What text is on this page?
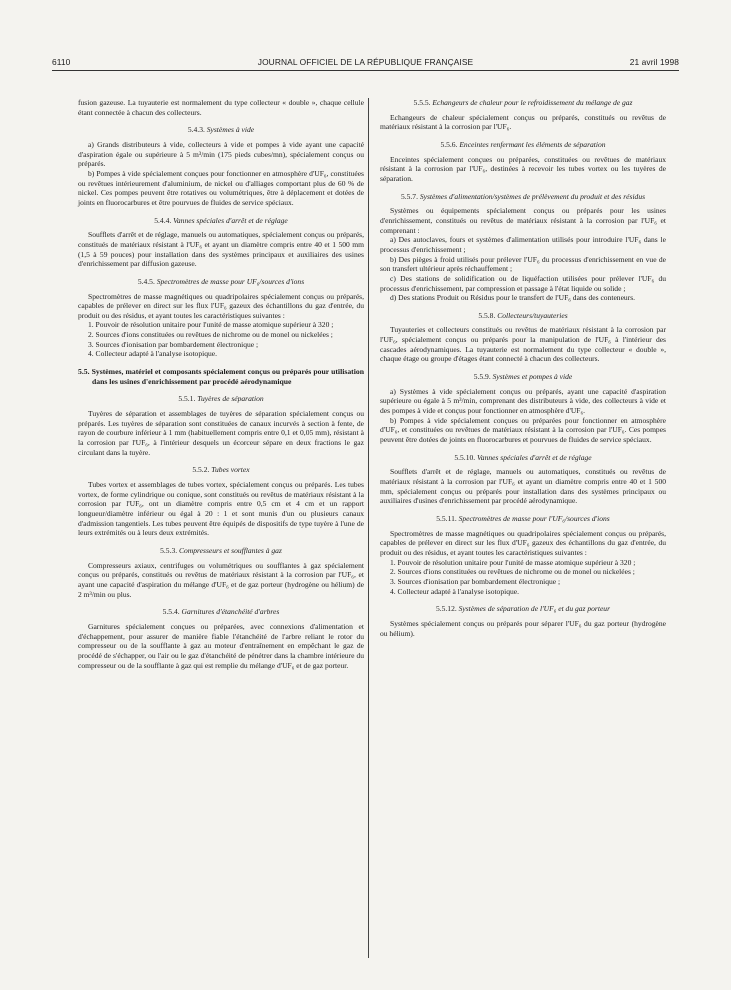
6110	JOURNAL OFFICIEL DE LA RÉPUBLIQUE FRANÇAISE	21 avril 1998

fusion gazeuse. La tuyauterie est normalement du type collecteur « double », chaque cellule étant connectée à chacun des collecteurs.

5.4.3. Systèmes à vide

a) Grands distributeurs à vide, collecteurs à vide et pompes à vide ayant une capacité d'aspiration égale ou supérieure à 5 m³/min (175 pieds cubes/mn), spécialement conçus ou préparés.

b) Pompes à vide spécialement conçues pour fonctionner en atmosphère d'UF₆, constituées ou revêtues intérieurement d'aluminium, de nickel ou d'alliages comportant plus de 60 % de nickel. Ces pompes peuvent être rotatives ou volumétriques, être à déplacement et dotées de joints en fluorocarbures et être pourvues de fluides de service spéciaux.

5.4.4. Vannes spéciales d'arrêt et de réglage

Soufflets d'arrêt et de réglage, manuels ou automatiques, spécialement conçus ou préparés, constitués de matériaux résistant à l'UF₆ et ayant un diamètre compris entre 40 et 1 500 mm (1,5 à 59 pouces) pour installation dans des systèmes principaux et auxiliaires des usines d'enrichissement par diffusion gazeuse.

5.4.5. Spectromètres de masse pour UF₆/sources d'ions

Spectromètres de masse magnétiques ou quadripolaires spécialement conçus ou préparés, capables de prélever en direct sur les flux l'UF₆ gazeux des échantillons du gaz d'entrée, du produit ou des résidus, et ayant toutes les caractéristiques suivantes :

1. Pouvoir de résolution unitaire pour l'unité de masse atomique supérieur à 320 ;
2. Sources d'ions constituées ou revêtues de nichrome ou de monel ou nickelées ;
3. Sources d'ionisation par bombardement électronique ;
4. Collecteur adapté à l'analyse isotopique.
5.5. Systèmes, matériel et composants spécialement conçus ou préparés pour utilisation dans les usines d'enrichissement par procédé aérodynamique
5.5.1. Tuyères de séparation

Tuyères de séparation et assemblages de tuyères de séparation spécialement conçus ou préparés. Les tuyères de séparation sont constituées de canaux incurvés à section à fente, de rayon de courbure inférieur à 1 mm (habituellement compris entre 0,1 et 0,05 mm), résistant à la corrosion par l'UF₆, à l'intérieur desquels un écorceur sépare en deux fractions le gaz circulant dans la tuyère.

5.5.2. Tubes vortex

Tubes vortex et assemblages de tubes vortex, spécialement conçus ou préparés. Les tubes vortex, de forme cylindrique ou conique, sont constitués ou revêtus de matériaux résistant à la corrosion par l'UF₆, ont un diamètre compris entre 0,5 cm et 4 cm et un rapport longueur/diamètre inférieur ou égal à 20 : 1 et sont munis d'un ou plusieurs canaux d'admission tangentiels. Les tubes peuvent être équipés de dispositifs de type tuyère à l'une de leurs extrémités ou à leurs deux extrémités.

5.5.3. Compresseurs et soufflantes à gaz

Compresseurs axiaux, centrifuges ou volumétriques ou soufflantes à gaz spécialement conçus ou préparés, constitués ou revêtus de matériaux résistant à la corrosion par l'UF₆, et ayant une capacité d'aspiration du mélange d'UF₆ et de gaz porteur (hydrogène ou hélium) de 2 m³/min ou plus.

5.5.4. Garnitures d'étanchéité d'arbres

Garnitures spécialement conçues ou préparées, avec connexions d'alimentation et d'échappement, pour assurer de manière fiable l'étanchéité de l'arbre reliant le rotor du compresseur ou de la soufflante à gaz au moteur d'entraînement en empêchant le gaz de procédé de s'échapper, ou l'air ou le gaz d'étanchéité de pénétrer dans la chambre intérieure du compresseur ou de la soufflante à gaz qui est remplie du mélange d'UF₆ et de gaz porteur.

5.5.5. Echangeurs de chaleur pour le refroidissement du mélange de gaz

Echangeurs de chaleur spécialement conçus ou préparés, constitués ou revêtus de matériaux résistant à la corrosion par l'UF₆.

5.5.6. Enceintes renfermant les éléments de séparation

Enceintes spécialement conçues ou préparées, constituées ou revêtues de matériaux résistant à la corrosion par l'UF₆, destinées à recevoir les tubes vortex ou les tuyères de séparation.

5.5.7. Systèmes d'alimentation/systèmes de prélèvement du produit et des résidus

Systèmes ou équipements spécialement conçus ou préparés pour les usines d'enrichissement, constitués ou revêtus de matériaux résistant à la corrosion par l'UF₆ et comprenant :

a) Des autoclaves, fours et systèmes d'alimentation utilisés pour introduire l'UF₆ dans le processus d'enrichissement ;

b) Des pièges à froid utilisés pour prélever l'UF₆ du processus d'enrichissement en vue de son transfert ultérieur après réchauffement ;

c) Des stations de solidification ou de liquéfaction utilisées pour prélever l'UF₆ du processus d'enrichissement, par compression et passage à l'état liquide ou solide ;

d) Des stations Produit ou Résidus pour le transfert de l'UF₆ dans des conteneurs.

5.5.8. Collecteurs/tuyauteries

Tuyauteries et collecteurs constitués ou revêtus de matériaux résistant à la corrosion par l'UF₆, spécialement conçus ou préparés pour la manipulation de l'UF₆ à l'intérieur des cascades aérodynamiques. La tuyauterie est normalement du type collecteur « double », chaque étage ou groupe d'étages étant connecté à chacun des collecteurs.

5.5.9. Systèmes et pompes à vide

a) Systèmes à vide spécialement conçus ou préparés, ayant une capacité d'aspiration supérieure ou égale à 5 m³/min, comprenant des distributeurs à vide, des collecteurs à vide et des pompes à vide et conçus pour fonctionner en atmosphère d'UF₆.

b) Pompes à vide spécialement conçues ou préparées pour fonctionner en atmosphère d'UF₆, et constituées ou revêtues de matériaux résistant à la corrosion par l'UF₆. Ces pompes peuvent être dotées de joints en fluorocarbures et pourvues de fluides de service spéciaux.

5.5.10. Vannes spéciales d'arrêt et de réglage

Soufflets d'arrêt et de réglage, manuels ou automatiques, constitués ou revêtus de matériaux résistant à la corrosion par l'UF₆ et ayant un diamètre compris entre 40 et 1 500 mm, spécialement conçus ou préparés pour installation dans des systèmes principaux ou auxiliaires d'usines d'enrichissement par procédé aérodynamique.

5.5.11. Spectromètres de masse pour l'UF₆/sources d'ions

Spectromètres de masse magnétiques ou quadripolaires spécialement conçus ou préparés, capables de prélever en direct sur les flux d'UF₆ gazeux des échantillons du gaz d'entrée, du produit ou des résidus, et ayant toutes les caractéristiques suivantes :

1. Pouvoir de résolution unitaire pour l'unité de masse atomique supérieur à 320 ;
2. Sources d'ions constituées ou revêtues de nichrome ou de monel ou nickelées ;
3. Sources d'ionisation par bombardement électronique ;
4. Collecteur adapté à l'analyse isotopique.
5.5.12. Systèmes de séparation de l'UF₆ et du gaz porteur

Systèmes spécialement conçus ou préparés pour séparer l'UF₆ du gaz porteur (hydrogène ou hélium).
